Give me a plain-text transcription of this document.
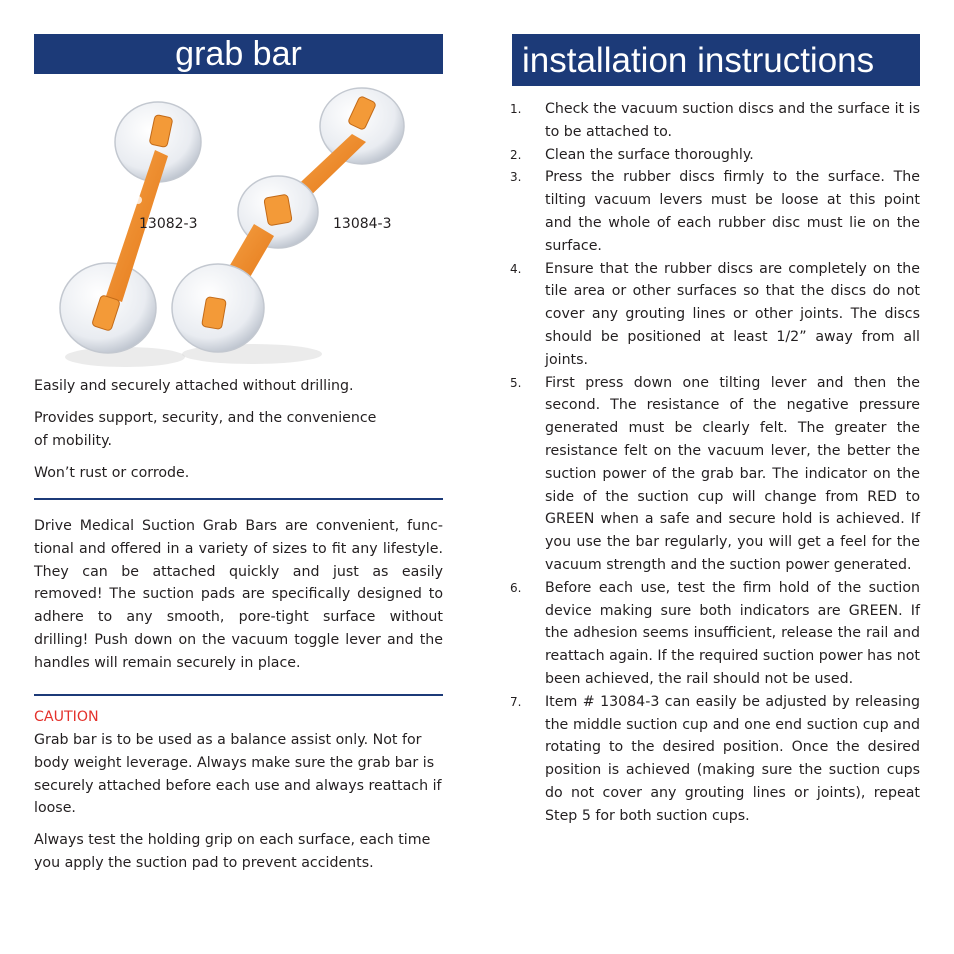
grab bar	installation instructions
13082-3	13084-3

Easily and securely attached without drilling.

Provides support, security, and the convenience of mobility.

Won’t rust or corrode.

Drive Medical Suction Grab Bars are convenient, func-tional and offered in a variety of sizes to fit any lifestyle. They can be attached quickly and just as easily removed! The suction pads are specifically designed to adhere to any smooth, pore-tight surface without drilling! Push down on the vacuum toggle lever and the handles will remain securely in place.

CAUTION

Grab bar is to be used as a balance assist only. Not for body weight leverage. Always make sure the grab bar is securely attached before each use and always reattach if loose.

Always test the holding grip on each surface, each time you apply the suction pad to prevent accidents.

1. Check the vacuum suction discs and the surface it is to be attached to.
2. Clean the surface thoroughly.
3. Press the rubber discs firmly to the surface. The tilting vacuum levers must be loose at this point and the whole of each rubber disc must lie on the surface.
4. Ensure that the rubber discs are completely on the tile area or other surfaces so that the discs do not cover any grouting lines or other joints. The discs should be positioned at least 1/2” away from all joints.
5. First press down one tilting lever and then the second. The resistance of the negative pressure generated must be clearly felt. The greater the resistance felt on the vacuum lever, the better the suction power of the grab bar. The indicator on the side of the suction cup will change from RED to GREEN when a safe and secure hold is achieved. If you use the bar regularly, you will get a feel for the vacuum strength and the suction power generated.
6. Before each use, test the firm hold of the suction device making sure both indicators are GREEN. If the adhesion seems insufficient, release the rail and reattach again. If the required suction power has not been achieved, the rail should not be used.
7. Item # 13084-3 can easily be adjusted by releasing the middle suction cup and one end suction cup and rotating to the desired position. Once the desired position is achieved (making sure the suction cups do not cover any grouting lines or joints), repeat Step 5 for both suction cups.
